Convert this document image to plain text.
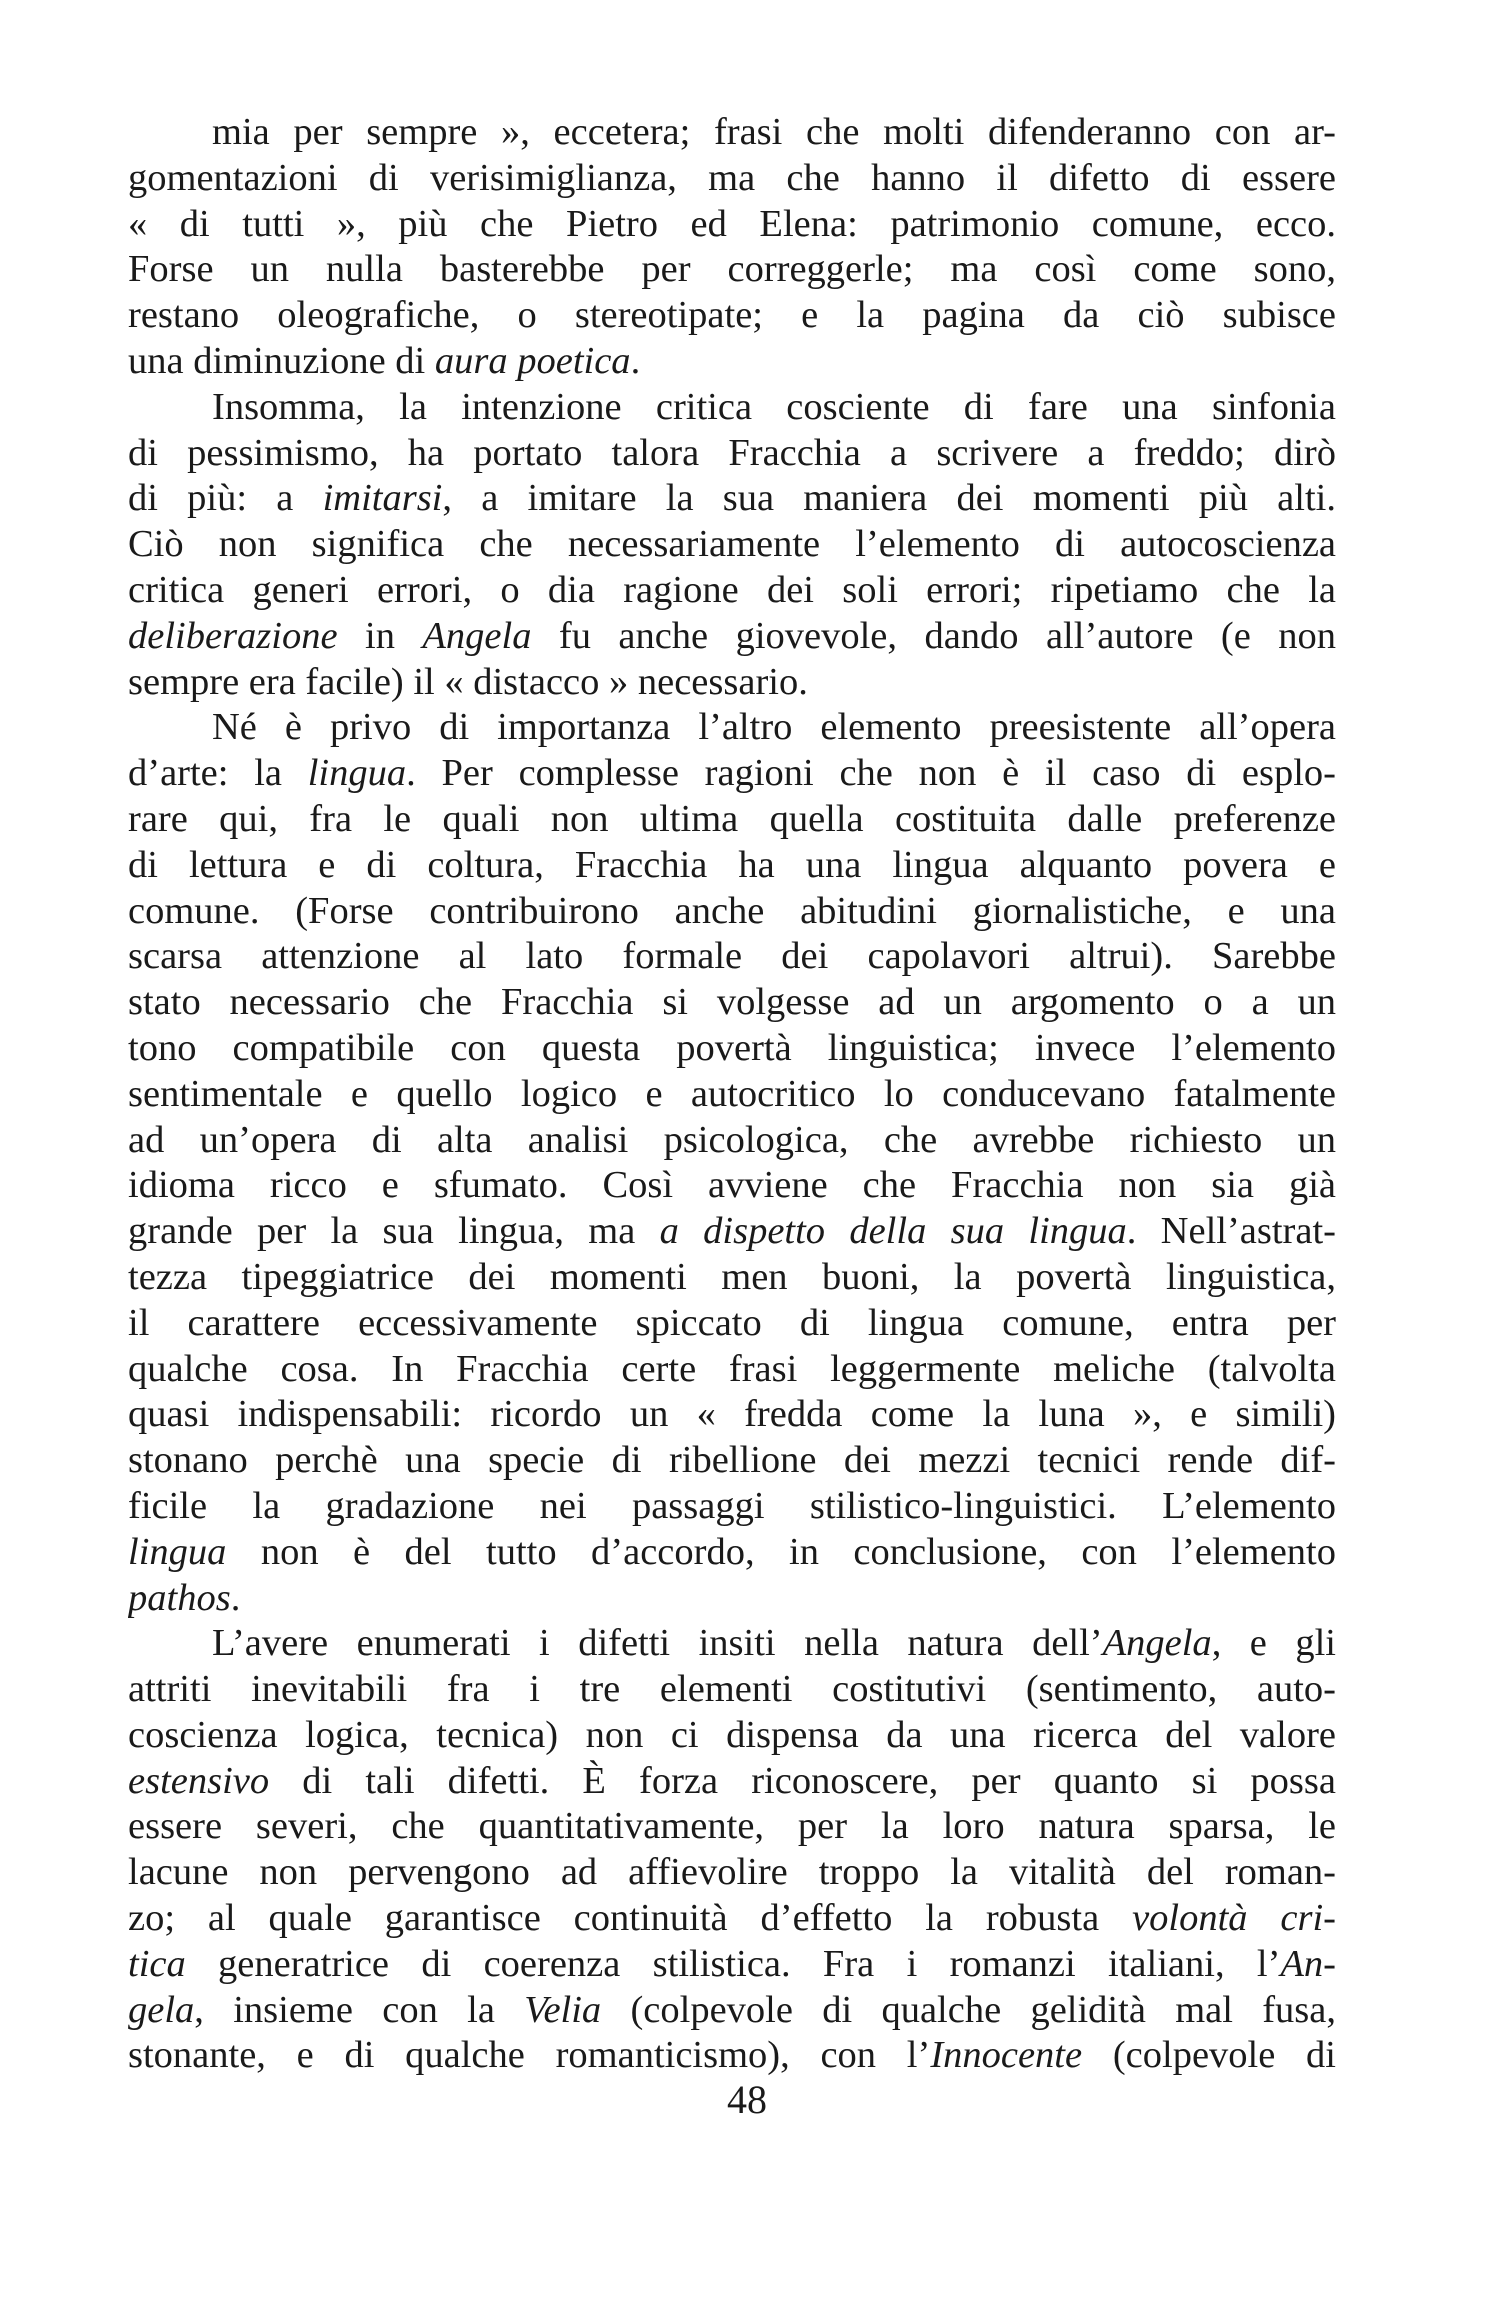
mia per sempre », eccetera; frasi che molti difenderanno con ar-
gomentazioni di verisimiglianza, ma che hanno il difetto di essere
« di tutti », più che Pietro ed Elena: patrimonio comune, ecco.
Forse un nulla basterebbe per correggerle; ma così come sono,
restano oleografiche, o stereotipate; e la pagina da ciò subisce
una diminuzione di aura poetica.
Insomma, la intenzione critica cosciente di fare una sinfonia
di pessimismo, ha portato talora Fracchia a scrivere a freddo; dirò
di più: a imitarsi, a imitare la sua maniera dei momenti più alti.
Ciò non significa che necessariamente l’elemento di autocoscienza
critica generi errori, o dia ragione dei soli errori; ripetiamo che la
deliberazione in Angela fu anche giovevole, dando all’autore (e non
sempre era facile) il « distacco » necessario.
Né è privo di importanza l’altro elemento preesistente all’opera
d’arte: la lingua. Per complesse ragioni che non è il caso di esplo-
rare qui, fra le quali non ultima quella costituita dalle preferenze
di lettura e di coltura, Fracchia ha una lingua alquanto povera e
comune. (Forse contribuirono anche abitudini giornalistiche, e una
scarsa attenzione al lato formale dei capolavori altrui). Sarebbe
stato necessario che Fracchia si volgesse ad un argomento o a un
tono compatibile con questa povertà linguistica; invece l’elemento
sentimentale e quello logico e autocritico lo conducevano fatalmente
ad un’opera di alta analisi psicologica, che avrebbe richiesto un
idioma ricco e sfumato. Così avviene che Fracchia non sia già
grande per la sua lingua, ma a dispetto della sua lingua. Nell’astrat-
tezza tipeggiatrice dei momenti men buoni, la povertà linguistica,
il carattere eccessivamente spiccato di lingua comune, entra per
qualche cosa. In Fracchia certe frasi leggermente meliche (talvolta
quasi indispensabili: ricordo un « fredda come la luna », e simili)
stonano perchè una specie di ribellione dei mezzi tecnici rende dif-
ficile la gradazione nei passaggi stilistico-linguistici. L’elemento
lingua non è del tutto d’accordo, in conclusione, con l’elemento
pathos.
L’avere enumerati i difetti insiti nella natura dell’Angela, e gli
attriti inevitabili fra i tre elementi costitutivi (sentimento, auto-
coscienza logica, tecnica) non ci dispensa da una ricerca del valore
estensivo di tali difetti. È forza riconoscere, per quanto si possa
essere severi, che quantitativamente, per la loro natura sparsa, le
lacune non pervengono ad affievolire troppo la vitalità del roman-
zo; al quale garantisce continuità d’effetto la robusta volontà cri-
tica generatrice di coerenza stilistica. Fra i romanzi italiani, l’An-
gela, insieme con la Velia (colpevole di qualche gelidità mal fusa,
stonante, e di qualche romanticismo), con l’Innocente (colpevole di
48
